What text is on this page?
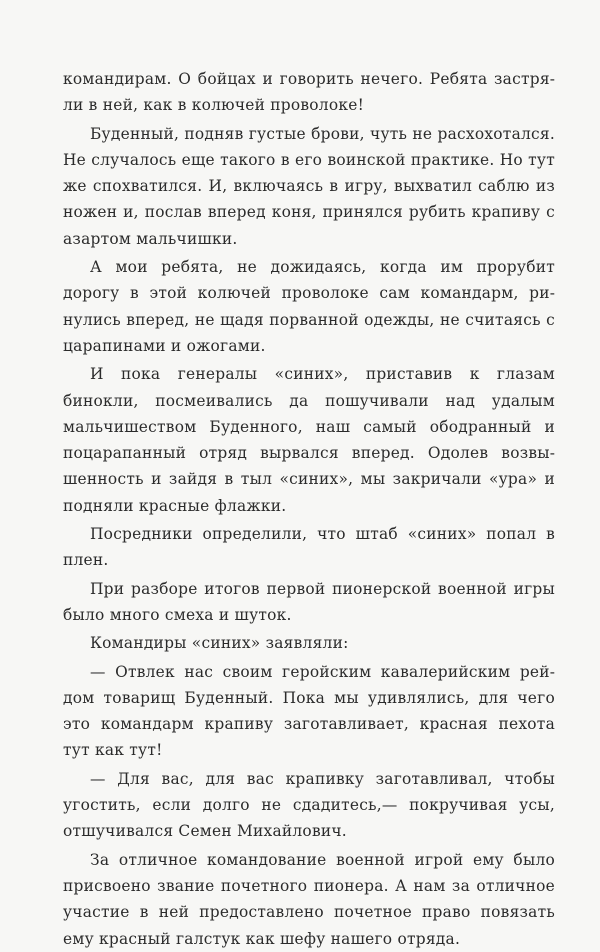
командирам. О бойцах и говорить нечего. Ребята застряли в ней, как в колючей проволоке!

Буденный, подняв густые брови, чуть не расхохотался. Не случалось еще такого в его воинской практике. Но тут же спохватился. И, включаясь в игру, выхватил саблю из ножен и, послав вперед коня, принялся рубить крапиву с азартом мальчишки.

А мои ребята, не дожидаясь, когда им прорубит дорогу в этой колючей проволоке сам командарм, ринулись вперед, не щадя порванной одежды, не считаясь с царапинами и ожогами.

И пока генералы «синих», приставив к глазам бинокли, посмеивались да пошучивали над удалым мальчишеством Буденного, наш самый ободранный и поцарапанный отряд вырвался вперед. Одолев возвышенность и зайдя в тыл «синих», мы закричали «ура» и подняли красные флажки.

Посредники определили, что штаб «синих» попал в плен.

При разборе итогов первой пионерской военной игры было много смеха и шуток.

Командиры «синих» заявляли:

— Отвлек нас своим геройским кавалерийским рейдом товарищ Буденный. Пока мы удивлялись, для чего это командарм крапиву заготавливает, красная пехота тут как тут!

— Для вас, для вас крапивку заготавливал, чтобы угостить, если долго не сдадитесь,— покручивая усы, отшучивался Семен Михайлович.

За отличное командование военной игрой ему было присвоено звание почетного пионера. А нам за отличное участие в ней предоставлено почетное право повязать ему красный галстук как шефу нашего отряда.
